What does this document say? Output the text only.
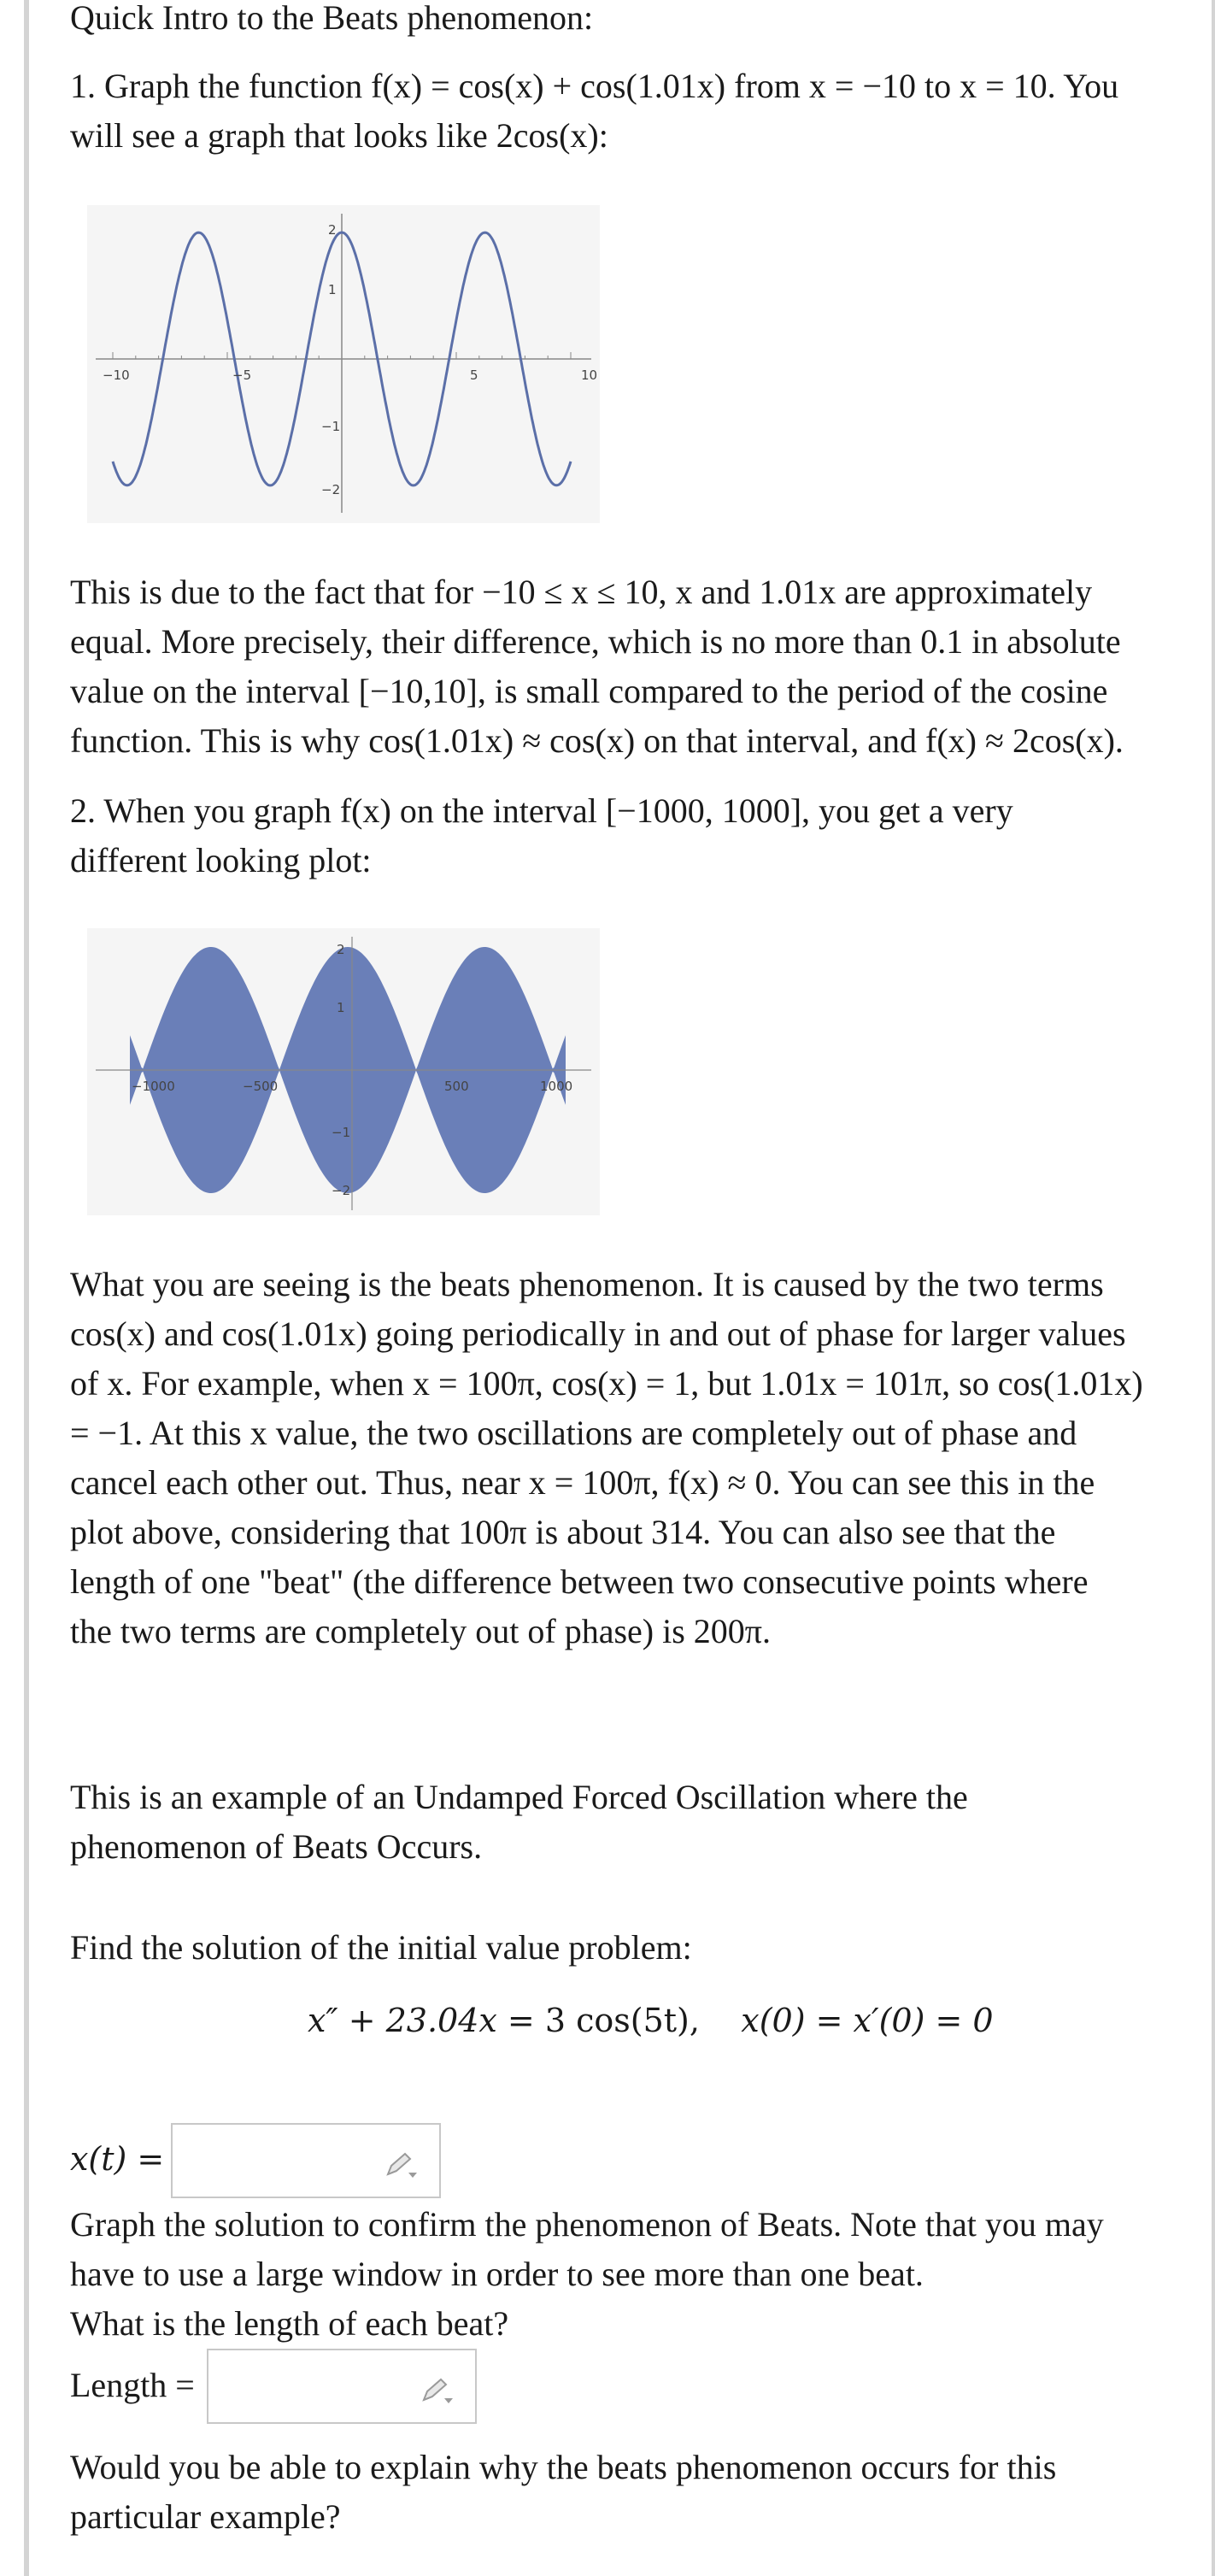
Quick Intro to the Beats phenomenon:

1. Graph the function f(x) = cos(x) + cos(1.01x) from x = −10 to x = 10. You

will see a graph that looks like 2cos(x):

−10	−5	5	10
2
1
−1
−2

This is due to the fact that for −10 ≤ x ≤ 10, x and 1.01x are approximately

equal. More precisely, their difference, which is no more than 0.1 in absolute

value on the interval [−10,10], is small compared to the period of the cosine

function. This is why cos(1.01x) ≈ cos(x) on that interval, and f(x) ≈ 2cos(x).

2. When you graph f(x) on the interval [−1000, 1000], you get a very

different looking plot:

−1000	−500	500	1000
2
1
−1
−2

What you are seeing is the beats phenomenon. It is caused by the two terms

cos(x) and cos(1.01x) going periodically in and out of phase for larger values

of x. For example, when x = 100π, cos(x) = 1, but 1.01x = 101π, so cos(1.01x)

= −1. At this x value, the two oscillations are completely out of phase and

cancel each other out. Thus, near x = 100π, f(x) ≈ 0. You can see this in the

plot above, considering that 100π is about 314. You can also see that the

length of one "beat" (the difference between two consecutive points where

the two terms are completely out of phase) is 200π.

This is an example of an Undamped Forced Oscillation where the

phenomenon of Beats Occurs.

Find the solution of the initial value problem:

x″ + 23.04x = 3 cos(5t), x(0) = x′(0) = 0
x(t) =

Graph the solution to confirm the phenomenon of Beats. Note that you may

have to use a large window in order to see more than one beat.

What is the length of each beat?

Length =

Would you be able to explain why the beats phenomenon occurs for this

particular example?
